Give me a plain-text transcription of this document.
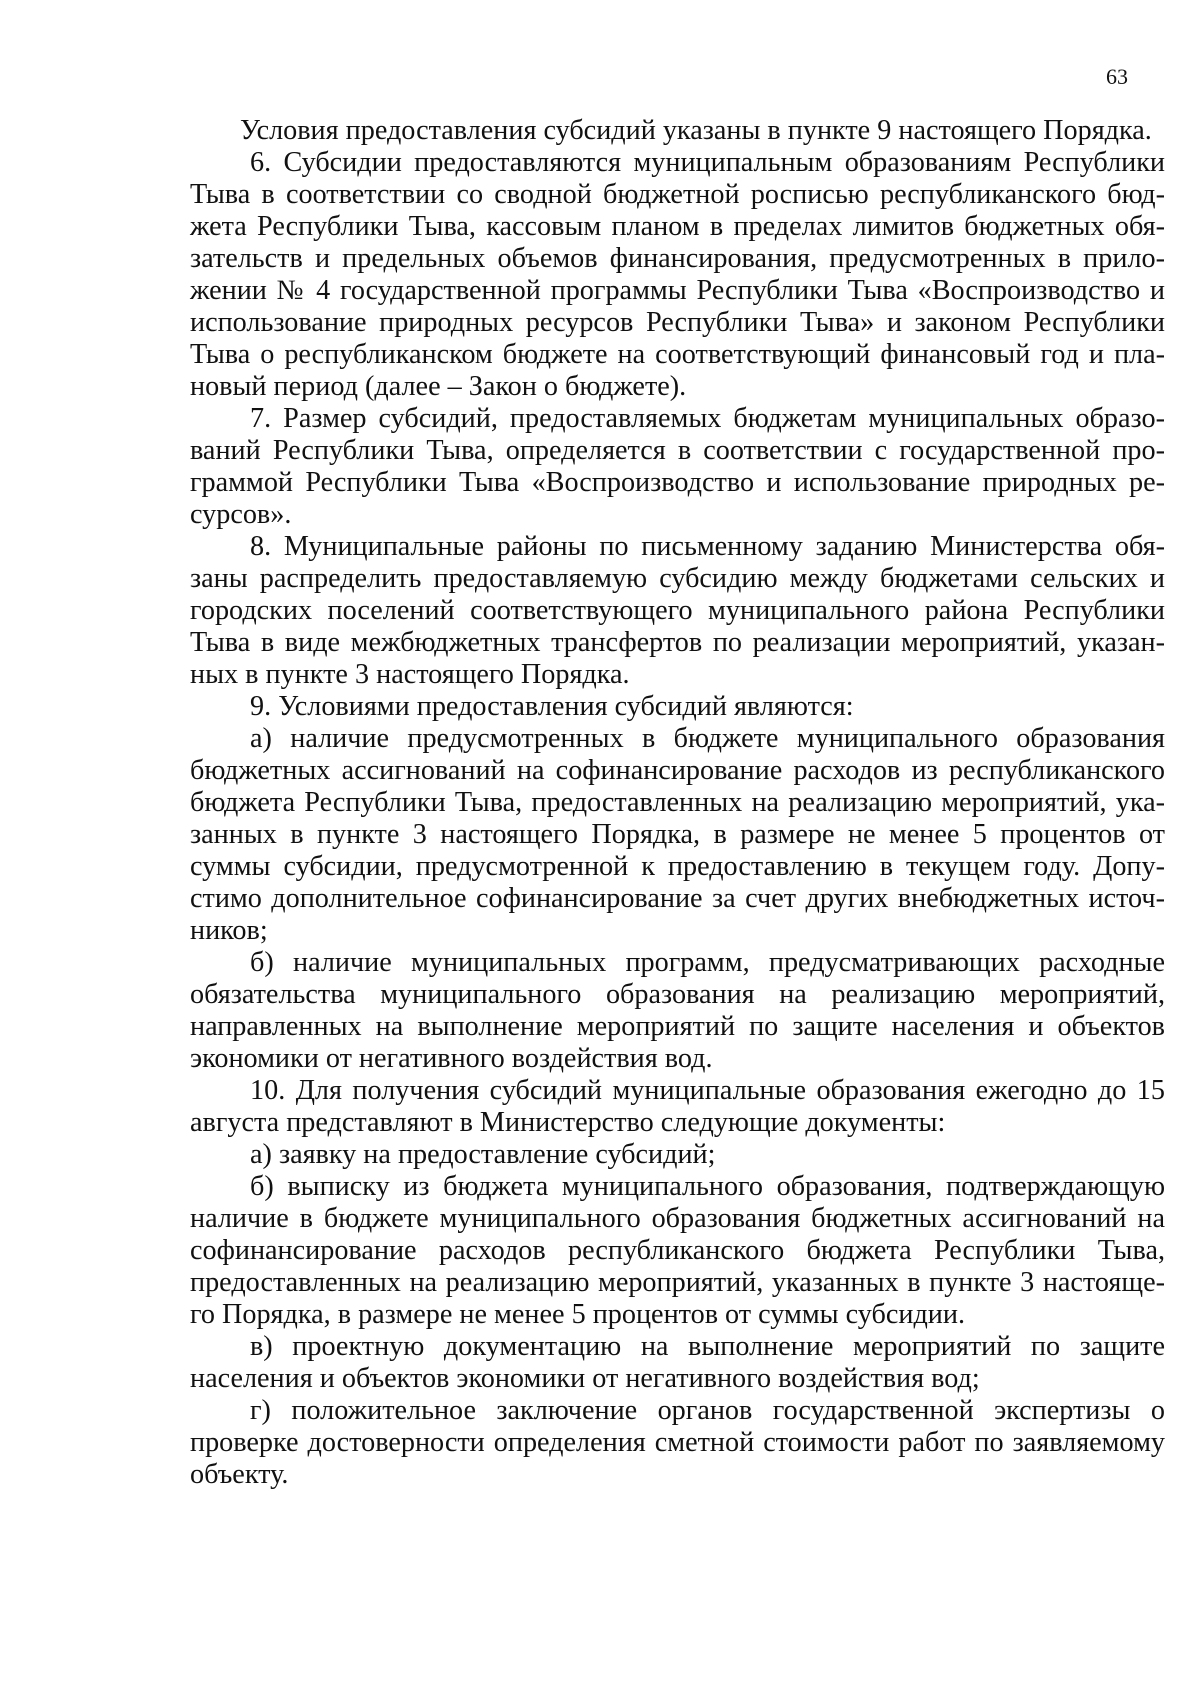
63

Условия предоставления субсидий указаны в пункте 9 настоящего Порядка.

6. Субсидии предоставляются муниципальным образованиям Республики Тыва в соответствии со сводной бюджетной росписью республиканского бюджета Республики Тыва, кассовым планом в пределах лимитов бюджетных обязательств и предельных объемов финансирования, предусмотренных в приложении № 4 государственной программы Республики Тыва «Воспроизводство и использование природных ресурсов Республики Тыва» и законом Республики Тыва о республиканском бюджете на соответствующий финансовый год и плановый период (далее – Закон о бюджете).

7. Размер субсидий, предоставляемых бюджетам муниципальных образований Республики Тыва, определяется в соответствии с государственной программой Республики Тыва «Воспроизводство и использование природных ресурсов».

8. Муниципальные районы по письменному заданию Министерства обязаны распределить предоставляемую субсидию между бюджетами сельских и городских поселений соответствующего муниципального района Республики Тыва в виде межбюджетных трансфертов по реализации мероприятий, указанных в пункте 3 настоящего Порядка.

9. Условиями предоставления субсидий являются:

а) наличие предусмотренных в бюджете муниципального образования бюджетных ассигнований на софинансирование расходов из республиканского бюджета Республики Тыва, предоставленных на реализацию мероприятий, указанных в пункте 3 настоящего Порядка, в размере не менее 5 процентов от суммы субсидии, предусмотренной к предоставлению в текущем году. Допустимо дополнительное софинансирование за счет других внебюджетных источников;

б) наличие муниципальных программ, предусматривающих расходные обязательства муниципального образования на реализацию мероприятий, направленных на выполнение мероприятий по защите населения и объектов экономики от негативного воздействия вод.

10. Для получения субсидий муниципальные образования ежегодно до 15 августа представляют в Министерство следующие документы:

а) заявку на предоставление субсидий;

б) выписку из бюджета муниципального образования, подтверждающую наличие в бюджете муниципального образования бюджетных ассигнований на софинансирование расходов республиканского бюджета Республики Тыва, предоставленных на реализацию мероприятий, указанных в пункте 3 настоящего Порядка, в размере не менее 5 процентов от суммы субсидии.

в) проектную документацию на выполнение мероприятий по защите населения и объектов экономики от негативного воздействия вод;

г) положительное заключение органов государственной экспертизы о проверке достоверности определения сметной стоимости работ по заявляемому объекту.
